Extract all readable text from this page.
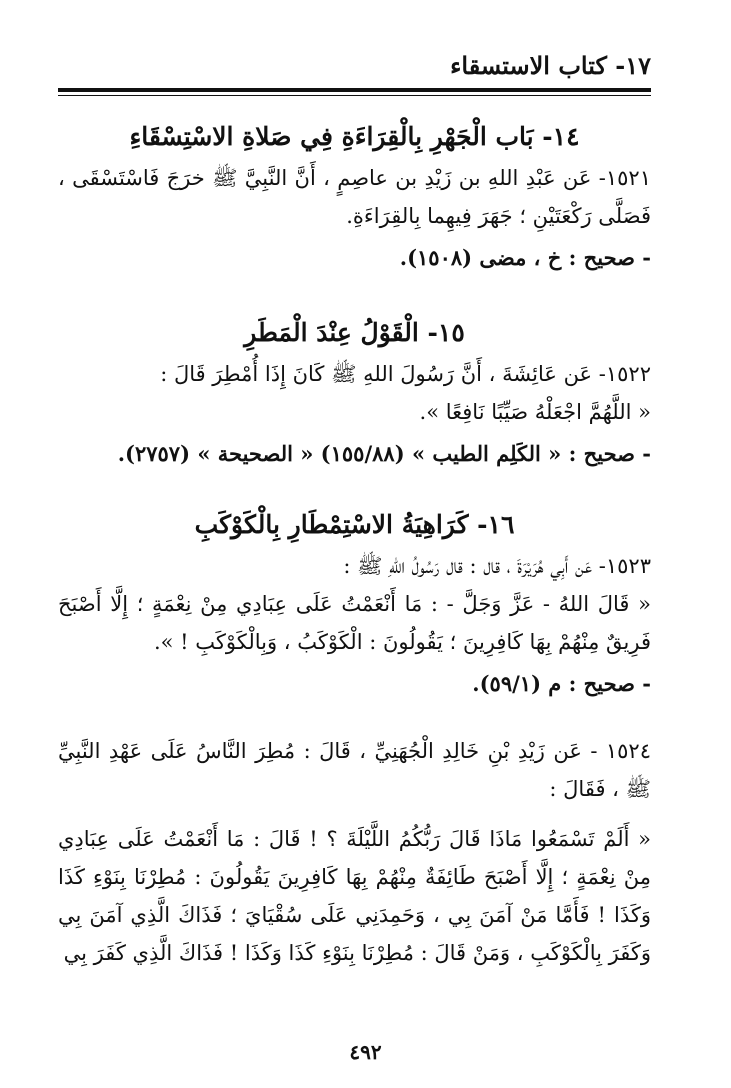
١٧- كتاب الاستسقاء
١٤- بَاب الْجَهْرِ بِالْقِرَاءَةِ فِي صَلاةِ الاسْتِسْقَاءِ
١٥٢١- عَن عَبْدِ اللهِ بن زَيْدِ بن عاصِمٍ ، أَنَّ النَّبِيَّ ﷺ خرَجَ فَاسْتَسْقَى ، فَصَلَّى رَكْعَتَيْنِ ؛ جَهَرَ فِيهِما بِالقِرَاءَةِ.
- صحيح : خ ، مضى (١٥٠٨).
١٥- الْقَوْلُ عِنْدَ الْمَطَرِ
١٥٢٢- عَن عَائِشَةَ ، أَنَّ رَسُولَ اللهِ ﷺ كَانَ إِذَا أُمْطِرَ قَالَ :
« اللَّهُمَّ اجْعَلْهُ صَيِّبًا نَافِعًا ».
- صحيح : « الكَلِم الطيب » (١٥٥/٨٨) « الصحيحة » (٢٧٥٧).
١٦- كَرَاهِيَةُ الاسْتِمْطَارِ بِالْكَوْكَبِ
١٥٢٣- عَن أَبِي هُرَيْرَةَ ، قال : قال رَسُولُ اللهِ ﷺ :
« قَالَ اللهُ - عَزَّ وَجَلَّ - : مَا أَنْعَمْتُ عَلَى عِبَادِي مِنْ نِعْمَةٍ ؛ إِلَّا أَصْبَحَ فَرِيقٌ مِنْهُمْ بِهَا كَافِرِينَ ؛ يَقُولُونَ : الْكَوْكَبُ ، وَبِالْكَوْكَبِ ! ».
- صحيح : م (٥٩/١).
١٥٢٤ - عَن زَيْدِ بْنِ خَالِدِ الْجُهَنِيِّ ، قَالَ : مُطِرَ النَّاسُ عَلَى عَهْدِ النَّبِيِّ ﷺ ، فَقَالَ :
« أَلَمْ تَسْمَعُوا مَاذَا قَالَ رَبُّكُمُ اللَّيْلَةَ ؟ ! قَالَ : مَا أَنْعَمْتُ عَلَى عِبَادِي مِنْ نِعْمَةٍ ؛ إِلَّا أَصْبَحَ طَائِفَةٌ مِنْهُمْ بِهَا كَافِرِينَ يَقُولُونَ : مُطِرْنَا بِنَوْءِ كَذَا وَكَذَا ! فَأَمَّا مَنْ آمَنَ بِي ، وَحَمِدَنِي عَلَى سُقْيَايَ ؛ فَذَاكَ الَّذِي آمَنَ بِي وَكَفَرَ بِالْكَوْكَبِ ، وَمَنْ قَالَ : مُطِرْنَا بِنَوْءِ كَذَا وَكَذَا ! فَذَاكَ الَّذِي كَفَرَ بِي
٤٩٢
